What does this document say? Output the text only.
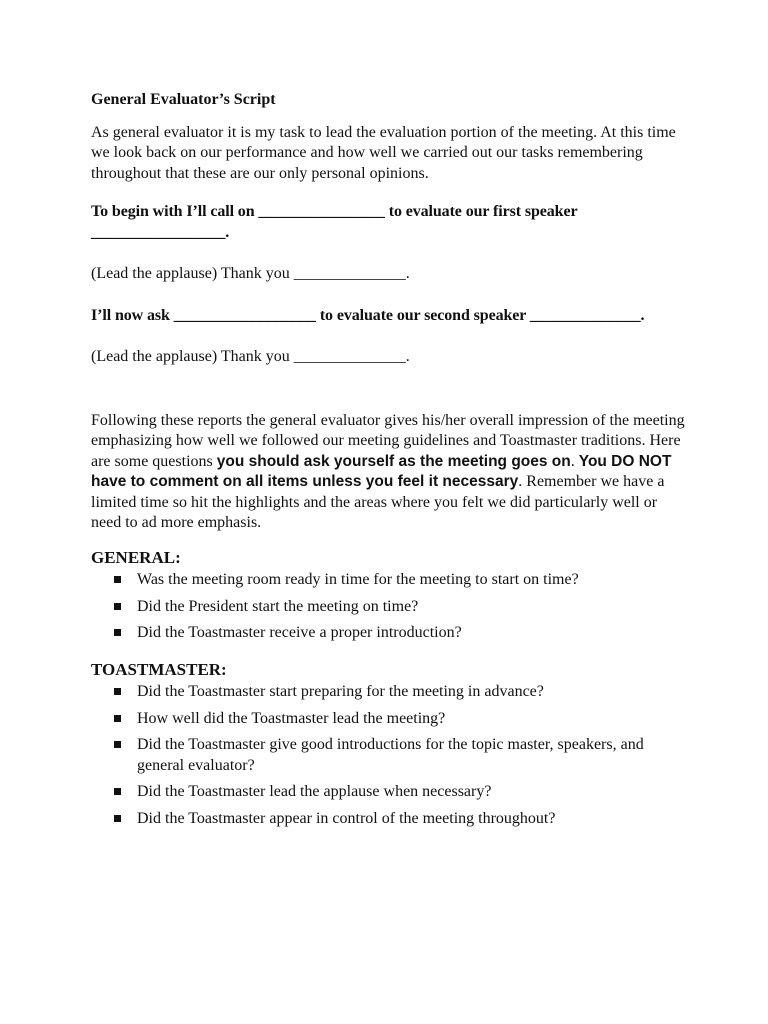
General Evaluator’s Script

As general evaluator it is my task to lead the evaluation portion of the meeting. At this time we look back on our performance and how well we carried out our tasks remembering throughout that these are our only personal opinions.

To begin with I’ll call on ________________ to evaluate our first speaker _________________.

(Lead the applause) Thank you ______________.

I’ll now ask __________________ to evaluate our second speaker ______________.

(Lead the applause) Thank you ______________.

Following these reports the general evaluator gives his/her overall impression of the meeting emphasizing how well we followed our meeting guidelines and Toastmaster traditions. Here are some questions you should ask yourself as the meeting goes on. You DO NOT have to comment on all items unless you feel it necessary. Remember we have a limited time so hit the highlights and the areas where you felt we did particularly well or need to ad more emphasis.

GENERAL:
Was the meeting room ready in time for the meeting to start on time?
Did the President start the meeting on time?
Did the Toastmaster receive a proper introduction?
TOASTMASTER:
Did the Toastmaster start preparing for the meeting in advance?
How well did the Toastmaster lead the meeting?
Did the Toastmaster give good introductions for the topic master, speakers, and general evaluator?
Did the Toastmaster lead the applause when necessary?
Did the Toastmaster appear in control of the meeting throughout?
